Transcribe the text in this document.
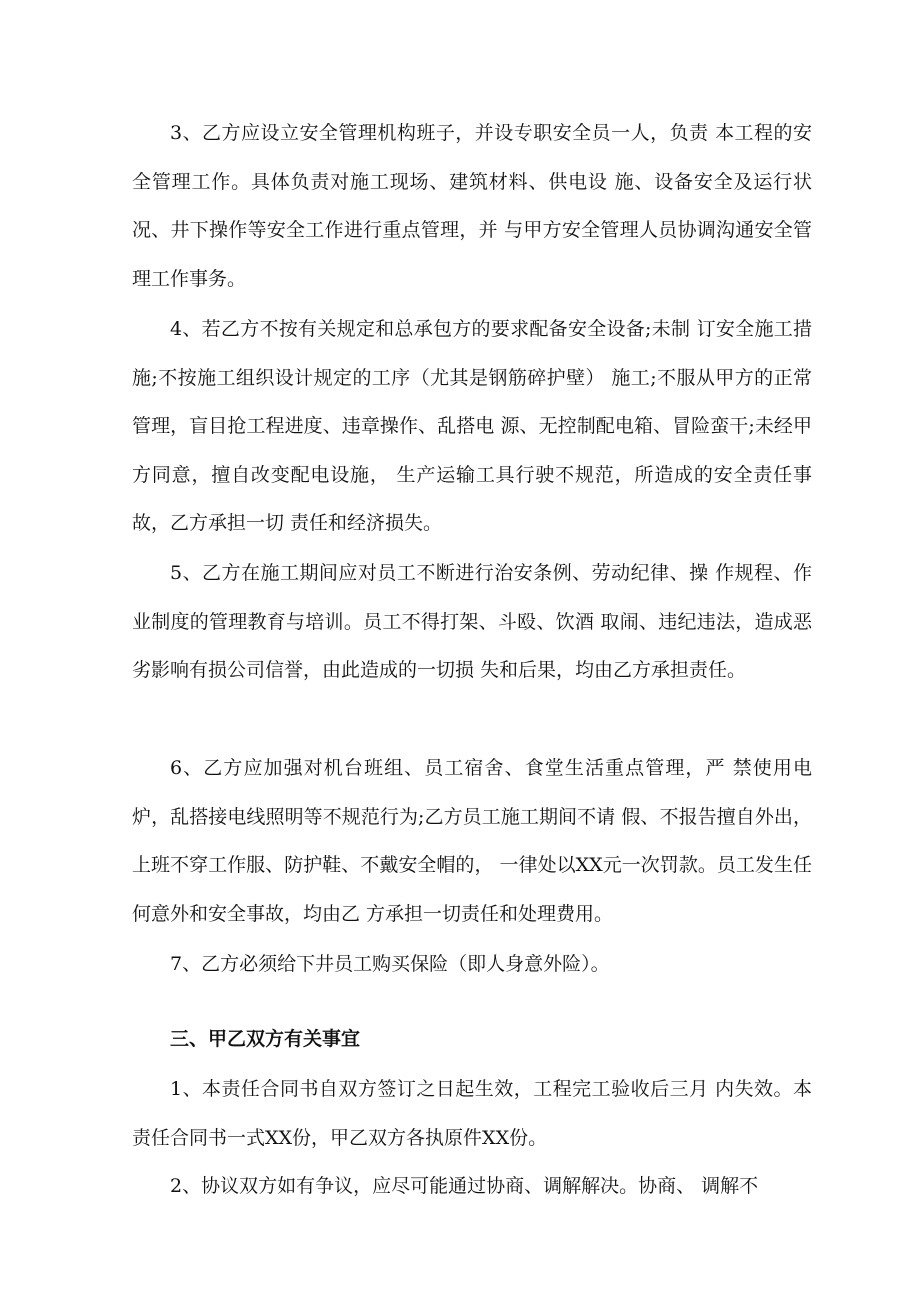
3、乙方应设立安全管理机构班子，并设专职安全员一人，负责 本工程的安全管理工作。具体负责对施工现场、建筑材料、供电设 施、设备安全及运行状况、井下操作等安全工作进行重点管理，并 与甲方安全管理人员协调沟通安全管理工作事务。

4、若乙方不按有关规定和总承包方的要求配备安全设备;未制 订安全施工措施;不按施工组织设计规定的工序（尤其是钢筋碎护壁） 施工;不服从甲方的正常管理，盲目抢工程进度、违章操作、乱搭电 源、无控制配电箱、冒险蛮干;未经甲方同意，擅自改变配电设施， 生产运输工具行驶不规范，所造成的安全责任事故，乙方承担一切 责任和经济损失。

5、乙方在施工期间应对员工不断进行治安条例、劳动纪律、操 作规程、作业制度的管理教育与培训。员工不得打架、斗殴、饮酒 取闹、违纪违法，造成恶劣影响有损公司信誉，由此造成的一切损 失和后果，均由乙方承担责任。

6、乙方应加强对机台班组、员工宿舍、食堂生活重点管理，严 禁使用电炉，乱搭接电线照明等不规范行为;乙方员工施工期间不请 假、不报告擅自外出，上班不穿工作服、防护鞋、不戴安全帽的， 一律处以XX元一次罚款。员工发生任何意外和安全事故，均由乙 方承担一切责任和处理费用。

7、乙方必须给下井员工购买保险（即人身意外险）。

三、甲乙双方有关事宜

1、本责任合同书自双方签订之日起生效，工程完工验收后三月 内失效。本责任合同书一式XX份，甲乙双方各执原件XX份。

2、协议双方如有争议，应尽可能通过协商、调解解决。协商、 调解不
